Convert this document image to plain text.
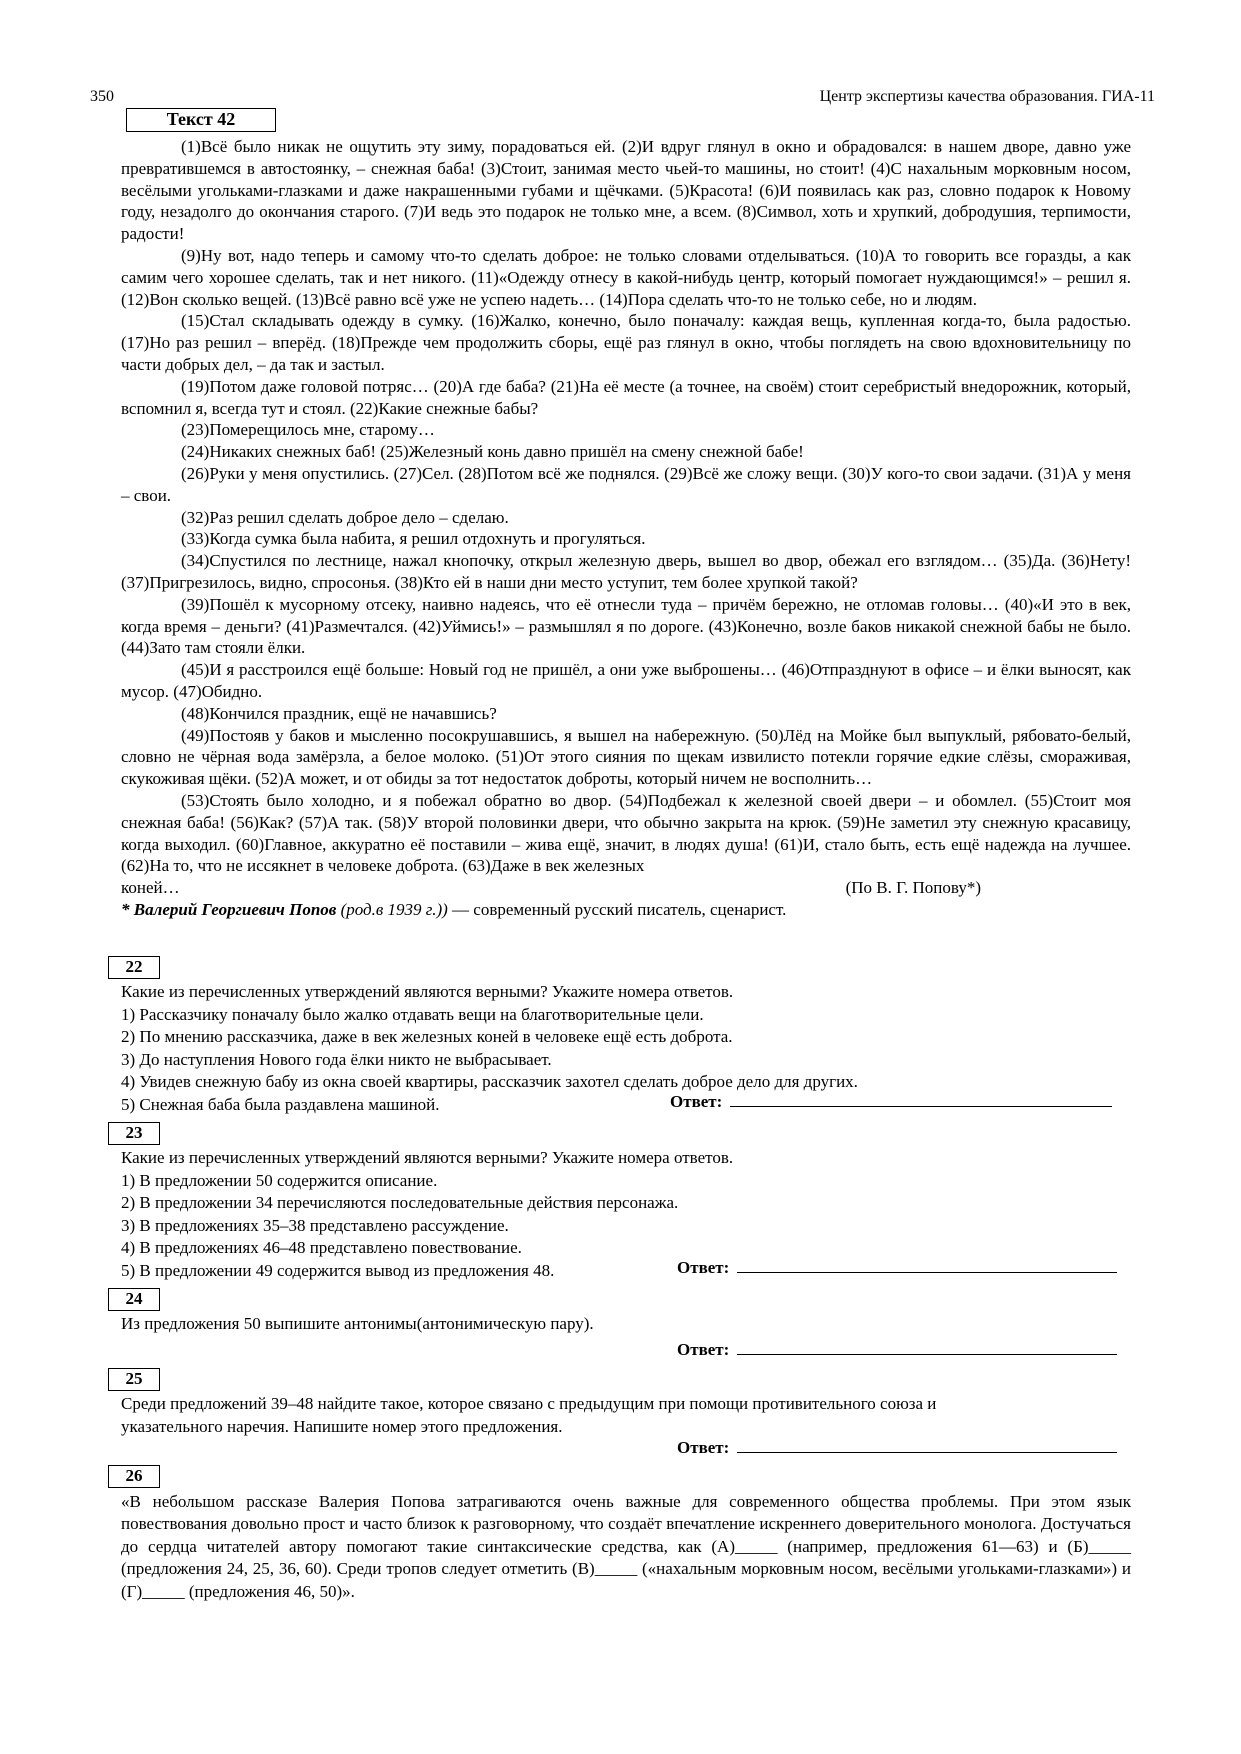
350	Центр экспертизы качества образования. ГИА-11
Текст 42

(1)Всё было никак не ощутить эту зиму, порадоваться ей. (2)И вдруг глянул в окно и обрадовался: в нашем дворе, давно уже превратившемся в автостоянку, – снежная баба! (3)Стоит, занимая место чьей-то машины, но стоит! (4)С нахальным морковным носом, весёлыми угольками-глазками и даже накрашенными губами и щёчками. (5)Красота! (6)И появилась как раз, словно подарок к Новому году, незадолго до окончания старого. (7)И ведь это подарок не только мне, а всем. (8)Символ, хоть и хрупкий, добродушия, терпимости, радости!

(9)Ну вот, надо теперь и самому что-то сделать доброе: не только словами отделываться. (10)А то говорить все горазды, а как самим чего хорошее сделать, так и нет никого. (11)«Одежду отнесу в какой-нибудь центр, который помогает нуждающимся!» – решил я. (12)Вон сколько вещей. (13)Всё равно всё уже не успею надеть… (14)Пора сделать что-то не только себе, но и людям.

(15)Стал складывать одежду в сумку. (16)Жалко, конечно, было поначалу: каждая вещь, купленная когда-то, была радостью. (17)Но раз решил – вперёд. (18)Прежде чем продолжить сборы, ещё раз глянул в окно, чтобы поглядеть на свою вдохновительницу по части добрых дел, – да так и застыл.

(19)Потом даже головой потряс… (20)А где баба? (21)На её месте (а точнее, на своём) стоит серебристый внедорожник, который, вспомнил я, всегда тут и стоял. (22)Какие снежные бабы?

(23)Померещилось мне, старому…

(24)Никаких снежных баб! (25)Железный конь давно пришёл на смену снежной бабе!

(26)Руки у меня опустились. (27)Сел. (28)Потом всё же поднялся. (29)Всё же сложу вещи. (30)У кого-то свои задачи. (31)А у меня – свои.

(32)Раз решил сделать доброе дело – сделаю.

(33)Когда сумка была набита, я решил отдохнуть и прогуляться.

(34)Спустился по лестнице, нажал кнопочку, открыл железную дверь, вышел во двор, обежал его взглядом… (35)Да. (36)Нету! (37)Пригрезилось, видно, спросонья. (38)Кто ей в наши дни место уступит, тем более хрупкой такой?

(39)Пошёл к мусорному отсеку, наивно надеясь, что её отнесли туда – причём бережно, не отломав головы… (40)«И это в век, когда время – деньги? (41)Размечтался. (42)Уймись!» – размышлял я по дороге. (43)Конечно, возле баков никакой снежной бабы не было. (44)Зато там стояли ёлки.

(45)И я расстроился ещё больше: Новый год не пришёл, а они уже выброшены… (46)Отпразднуют в офисе – и ёлки выносят, как мусор. (47)Обидно.

(48)Кончился праздник, ещё не начавшись?

(49)Постояв у баков и мысленно посокрушавшись, я вышел на набережную. (50)Лёд на Мойке был выпуклый, рябовато-белый, словно не чёрная вода замёрзла, а белое молоко. (51)От этого сияния по щекам извилисто потекли горячие едкие слёзы, сморaживая, скукоживая щёки. (52)А может, и от обиды за тот недостаток доброты, который ничем не восполнить…

(53)Стоять было холодно, и я побежал обратно во двор. (54)Подбежал к железной своей двери – и обомлел. (55)Стоит моя снежная баба! (56)Как? (57)А так. (58)У второй половинки двери, что обычно закрыта на крюк. (59)Не заметил эту снежную красавицу, когда выходил. (60)Главное, аккуратно её поставили – жива ещё, значит, в людях душа! (61)И, стало быть, есть ещё надежда на лучшее. (62)На то, что не иссякнет в человеке доброта. (63)Даже в век железных

коней…	(По В. Г. Попову*)

* Валерий Георгиевич Попов (род.в 1939 г.)) — современный русский писатель, сценарист.

22
Какие из перечисленных утверждений являются верными? Укажите номера ответов.
1) Рассказчику поначалу было жалко отдавать вещи на благотворительные цели.
2) По мнению рассказчика, даже в век железных коней в человеке ещё есть доброта.
3) До наступления Нового года ёлки никто не выбрасывает.
4) Увидев снежную бабу из окна своей квартиры, рассказчик захотел сделать доброе дело для других.
5) Снежная баба была раздавлена машиной.	Ответ:
23
Какие из перечисленных утверждений являются верными? Укажите номера ответов.
1) В предложении 50 содержится описание.
2) В предложении 34 перечисляются последовательные действия персонажа.
3) В предложениях 35–38 представлено рассуждение.
4) В предложениях 46–48 представлено повествование.
5) В предложении 49 содержится вывод из предложения 48.	Ответ:
24
Из предложения 50 выпишите антонимы(антонимическую пару).
Ответ:
25
Среди предложений 39–48 найдите такое, которое связано с предыдущим при помощи противительного союза и
указательного наречия. Напишите номер этого предложения.
Ответ:
26
«В небольшом рассказе Валерия Попова затрагиваются очень важные для современного общества проблемы. При этом язык повествования довольно прост и часто близок к разговорному, что создаёт впечатление искреннего доверительного монолога. Достучаться до сердца читателей автору помогают такие синтаксические средства, как (А)_____ (например, предложения 61—63) и (Б)_____ (предложения 24, 25, 36, 60). Среди тропов следует отметить (В)_____ («нахальным морковным носом, весёлыми угольками-глазками») и (Г)_____ (предложения 46, 50)».
